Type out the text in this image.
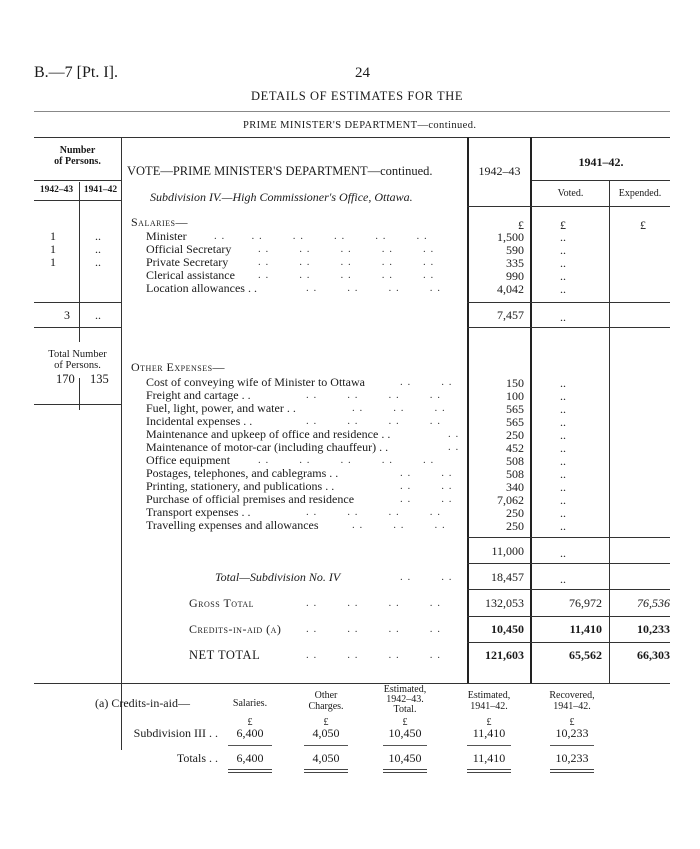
B.—7 [Pt. I].	24
DETAILS OF ESTIMATES FOR THE
PRIME MINISTER'S DEPARTMENT—continued.
Number
of Persons.
1942–43	1941–42
VOTE—PRIME MINISTER'S DEPARTMENT—continued.
Subdivision IV.—High Commissioner's Office, Ottawa.
1942–43
1941–42.
Voted.	Expended.
£	£	£
Salaries—
1	..	Minister . .       . .        . .        . .        . .        . .	1,500	..
1	..	Official Secretary . .        . .        . .        . .        . .	590	..
1	..	Private Secretary	. .        . .        . .        . .        . .	335	..
Clerical assistance . .        . .        . .        . .        . .	990	..
Location allowances . .	. .        . .        . .        . .	4,042	..
3 ..	7,457	..
Total Number
of Persons.
170 135
Other Expenses—
Cost of conveying wife of Minister to Ottawa	. .        . .	150	..
Freight and cartage . .	. .        . .        . .        . .	100	..
Fuel, light, power, and water . .	. .        . .        . .	565	..
Incidental expenses . .	. .        . .        . .        . .	565	..
Maintenance and upkeep of office and residence . .	. .	250	..
Maintenance of motor-car (including chauffeur) . .	. .	452	..
Office equipment	. .        . .        . .        . .        . .	508	..
Postages, telephones, and cablegrams . .	. .        . .	508	..
Printing, stationery, and publications . .	. .        . .	340	..
Purchase of official premises and residence	. .        . .	7,062	..
Transport expenses . .	. .        . .        . .        . .	250	..
Travelling expenses and allowances	. .        . .        . .	250	..
11,000	..
Total—Subdivision No. IV	. .        . .	18,457	..
Gross Total	. .        . .        . .        . .	132,053	76,972	76,536
Credits-in-aid (a) . .        . .        . .        . .	10,450	11,410	10,233
NET TOTAL	. .        . .        . .        . .	121,603	65,562	66,303
(a) Credits-in-aid—	Salaries.
Other
Charges.
Estimated,
1942–43.
Total.
Estimated,
1941–42.
Recovered,
1941–42.
£	£	£	£	£
Subdivision III . .	6,400	4,050	10,450	11,410	10,233
Totals . .	6,400	4,050	10,450	11,410	10,233
